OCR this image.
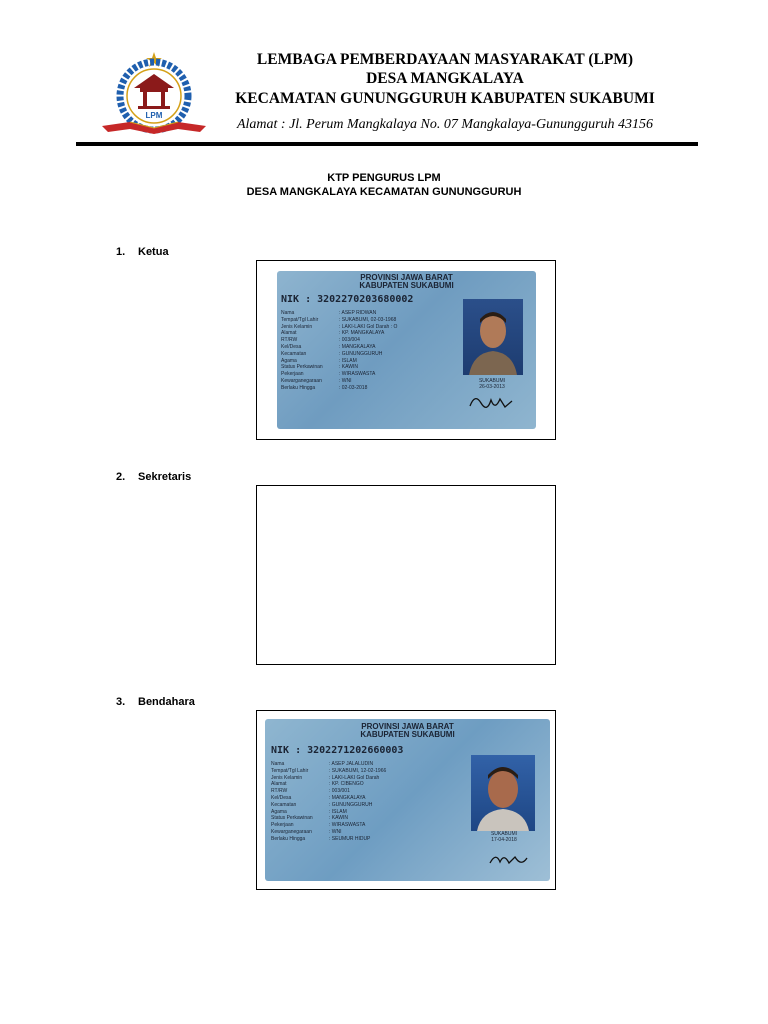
LPM
LEMBAGA PEMBERDAYAAN MASYARAKAT (LPM)
DESA MANGKALAYA
KECAMATAN GUNUNGGURUH KABUPATEN SUKABUMI
Alamat : Jl. Perum Mangkalaya No. 07 Mangkalaya-Gunungguruh 43156
KTP PENGURUS LPM
DESA MANGKALAYA KECAMATAN GUNUNGGURUH
1. Ketua
PROVINSI JAWA BARAT
KABUPATEN SUKABUMI
NIK : 3202270203680002
Nama	: ASEP RIDWAN
Tempat/Tgl Lahir	: SUKABUMI, 02-03-1968
Jenis Kelamin	: LAKI-LAKI Gol Darah : O
Alamat	: KP. MANGKALAYA
RT/RW	: 003/004
Kel/Desa	: MANGKALAYA
Kecamatan	: GUNUNGGURUH
Agama	: ISLAM
Status Perkawinan	: KAWIN
Pekerjaan	: WIRASWASTA
Kewarganegaraan	: WNI
Berlaku Hingga	: 02-03-2018
SUKABUMI
26-03-2013
2. Sekretaris
3. Bendahara
PROVINSI JAWA BARAT
KABUPATEN SUKABUMI
NIK : 3202271202660003
Nama	: ASEP JALALUDIN
Tempat/Tgl Lahir	: SUKABUMI, 12-02-1966
Jenis Kelamin	: LAKI-LAKI Gol Darah
Alamat	: KP. CIBENGO
RT/RW	: 003/001
Kel/Desa	: MANGKALAYA
Kecamatan	: GUNUNGGURUH
Agama	: ISLAM
Status Perkawinan	: KAWIN
Pekerjaan	: WIRASWASTA
Kewarganegaraan	: WNI
Berlaku Hingga	: SEUMUR HIDUP
SUKABUMI
17-04-2018
